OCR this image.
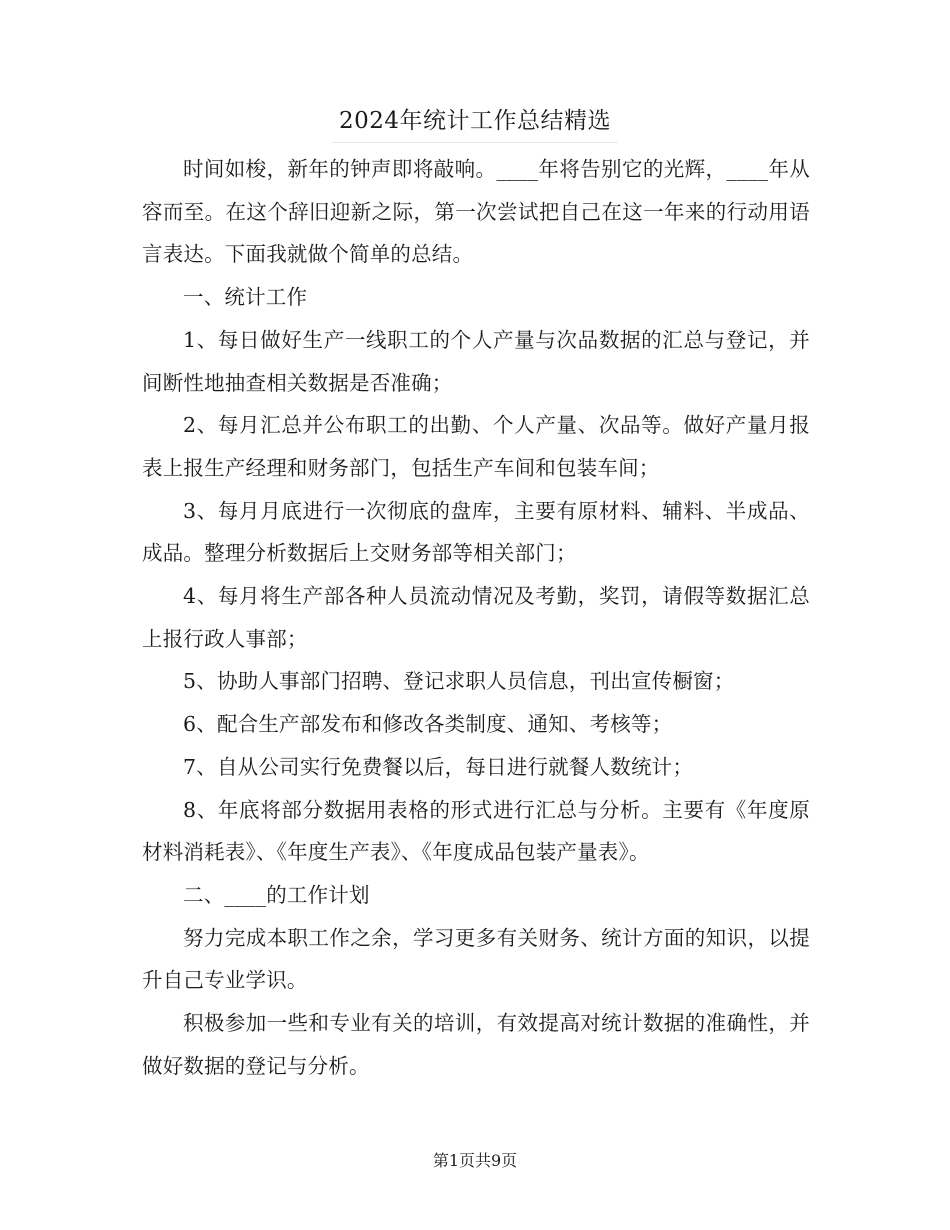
2024年统计工作总结精选

时间如梭，新年的钟声即将敲响。____年将告别它的光辉，____年从容而至。在这个辞旧迎新之际，第一次尝试把自己在这一年来的行动用语言表达。下面我就做个简单的总结。

一、统计工作

1、每日做好生产一线职工的个人产量与次品数据的汇总与登记，并间断性地抽查相关数据是否准确；

2、每月汇总并公布职工的出勤、个人产量、次品等。做好产量月报表上报生产经理和财务部门，包括生产车间和包装车间；

3、每月月底进行一次彻底的盘库，主要有原材料、辅料、半成品、成品。整理分析数据后上交财务部等相关部门；

4、每月将生产部各种人员流动情况及考勤，奖罚，请假等数据汇总上报行政人事部；

5、协助人事部门招聘、登记求职人员信息，刊出宣传橱窗；

6、配合生产部发布和修改各类制度、通知、考核等；

7、自从公司实行免费餐以后，每日进行就餐人数统计；

8、年底将部分数据用表格的形式进行汇总与分析。主要有《年度原材料消耗表》、《年度生产表》、《年度成品包装产量表》。

二、____的工作计划

努力完成本职工作之余，学习更多有关财务、统计方面的知识，以提升自己专业学识。

积极参加一些和专业有关的培训，有效提高对统计数据的准确性，并做好数据的登记与分析。

第1页共9页
